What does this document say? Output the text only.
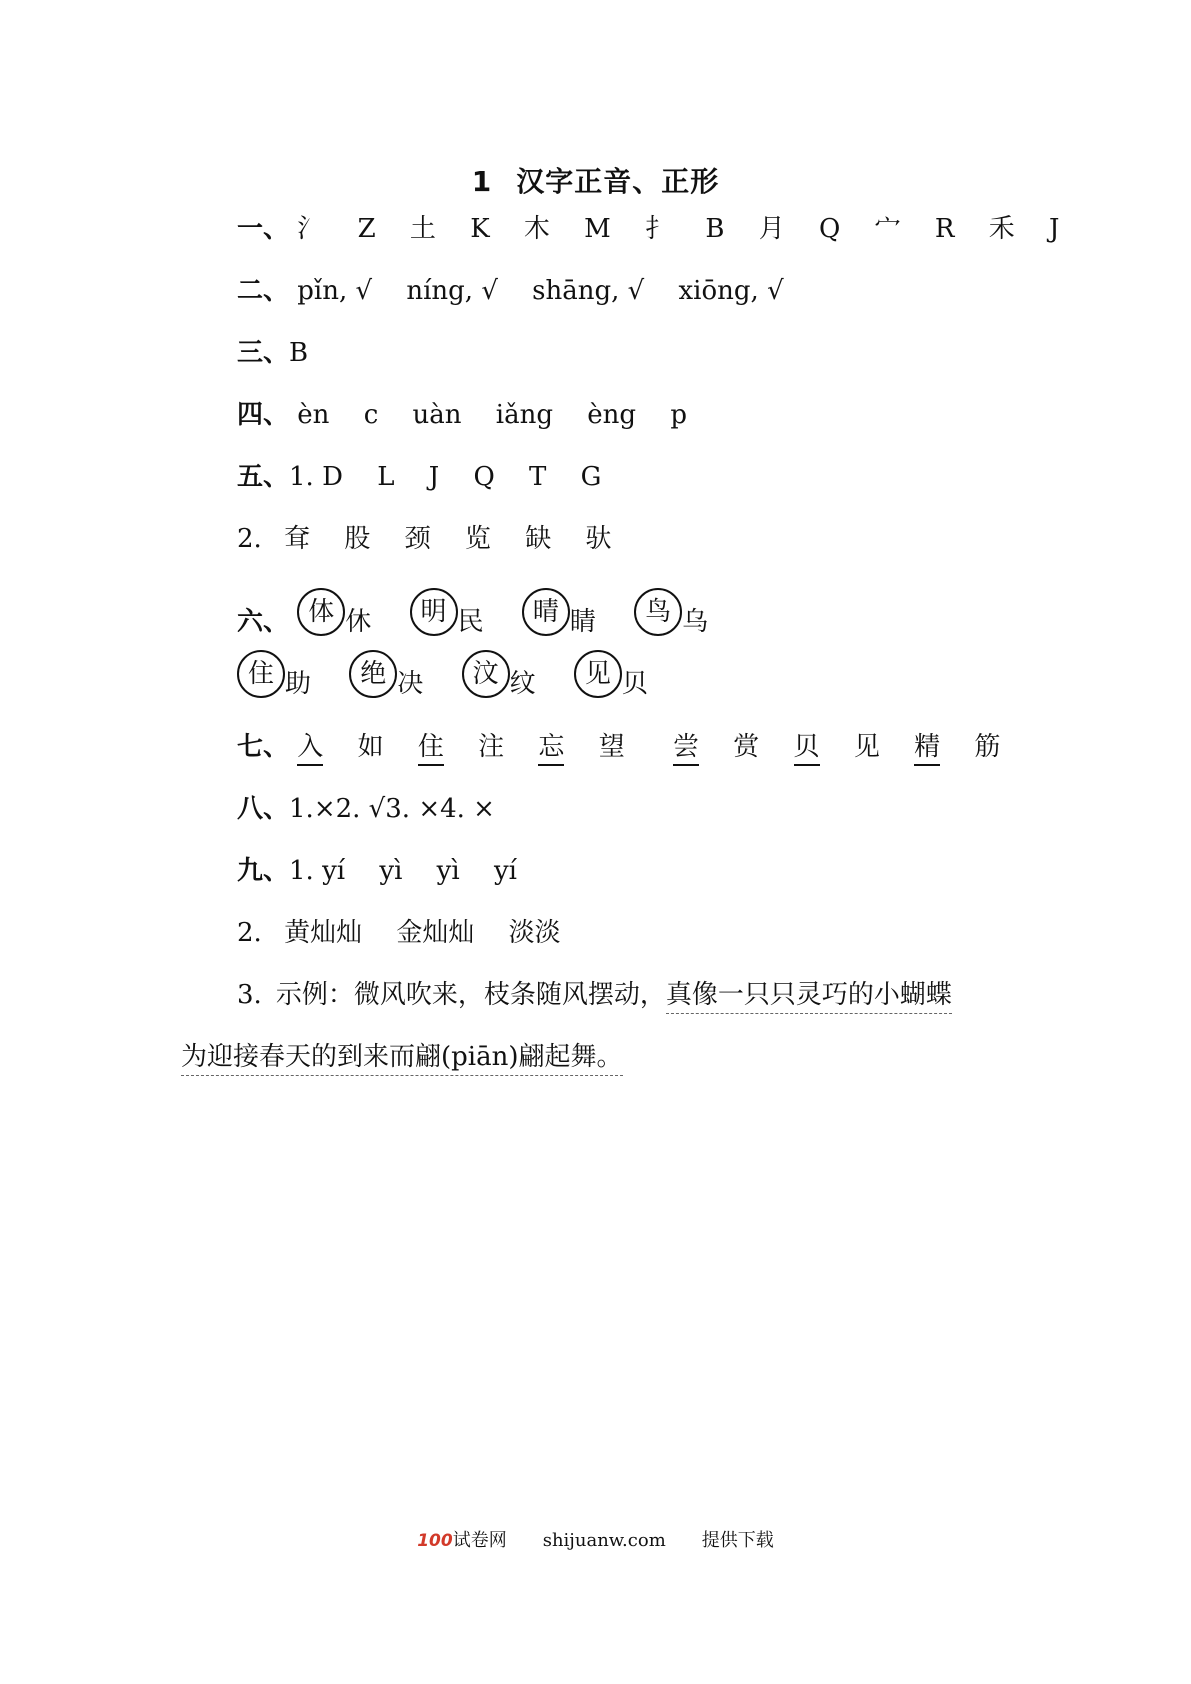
1 汉字正音、正形
一、 氵 Z 土 K 木 M 扌 B 月 Q 宀 R 禾 J
二、 pǐn, √ níng, √ shāng, √ xiōng, √
三、B
四、 èn c uàn iǎng èng p
五、1. D L J Q T G
2. 耷 股 颈 览 缺 驮
六、 体 休 明 民 晴 睛 鸟 乌
住 助 绝 决 汶 纹 见 贝
七、 入 如 住 注 忘 望 尝 赏 贝 见 精 筋
八、1.×2. √3. ×4. ×
九、1. yí yì yì yí
2. 黄灿灿 金灿灿 淡淡
3. 示例：微风吹来，枝条随风摆动，真像一只只灵巧的小蝴蝶
为迎接春天的到来而翩(piān)翩起舞。
100试卷网 shijuanw.com 提供下载
